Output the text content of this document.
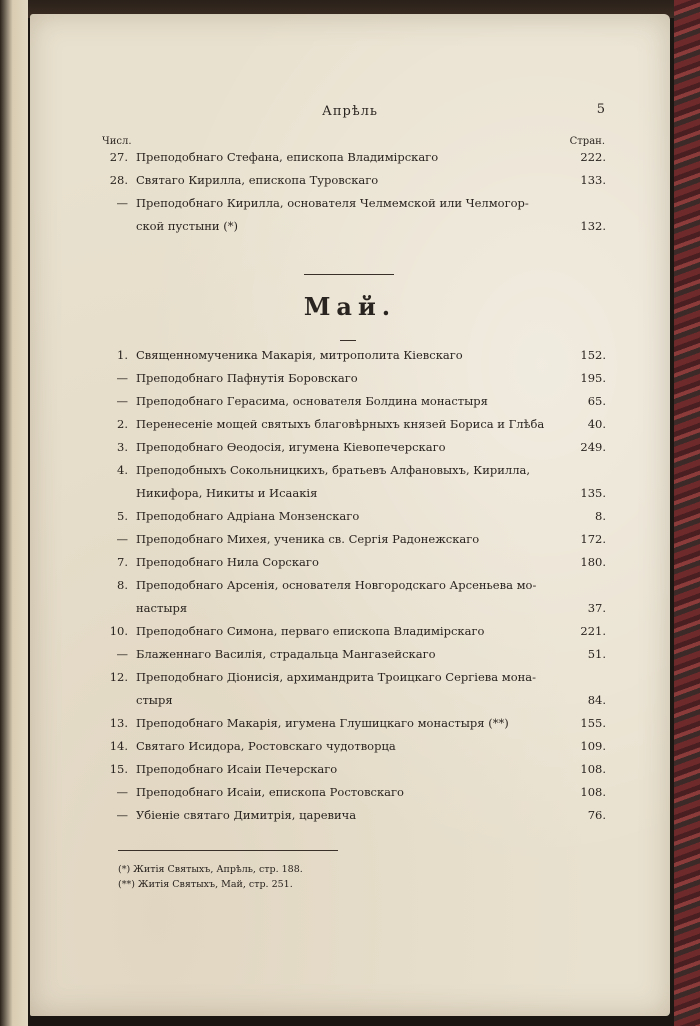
Апрѣль	5
Числ.	Стран.
27. Преподобнаго Стефана, епископа Владимірскаго	222.
28. Святаго Кирилла, епископа Туровскаго	133.
— Преподобнаго Кирилла, основателя Челмемской или Челмогор-
ской пустыни (*)	132.
Май.
1. Священномученика Макарія, митрополита Кіевскаго	152.
— Преподобнаго Пафнутія Боровскаго	195.
— Преподобнаго Герасима, основателя Болдина монастыря	65.
2. Перенесеніе мощей святыхъ благовѣрныхъ князей Бориса и Глѣба	40.
3. Преподобнаго Ѳеодосія, игумена Кіевопечерскаго	249.
4. Преподобныхъ Сокольницкихъ, братьевъ Алфановыхъ, Кирилла,
Никифора, Никиты и Исаакія	135.
5. Преподобнаго Адріана Монзенскаго	8.
— Преподобнаго Михея, ученика св. Сергія Радонежскаго	172.
7. Преподобнаго Нила Сорскаго	180.
8. Преподобнаго Арсенія, основателя Новгородскаго Арсеньева мо-
настыря	37.
10. Преподобнаго Симона, перваго епископа Владимірскаго	221.
— Блаженнаго Василія, страдальца Мангазейскаго	51.
12. Преподобнаго Діонисія, архимандрита Троицкаго Сергіева мона-
стыря	84.
13. Преподобнаго Макарія, игумена Глушицкаго монастыря (**)	155.
14. Святаго Исидора, Ростовскаго чудотворца	109.
15. Преподобнаго Исаіи Печерскаго	108.
— Преподобнаго Исаіи, епископа Ростовскаго	108.
— Убіеніе святаго Димитрія, царевича	76.
(*) Житія Святыхъ, Апрѣль, стр. 188.
(**) Житія Святыхъ, Май, стр. 251.
